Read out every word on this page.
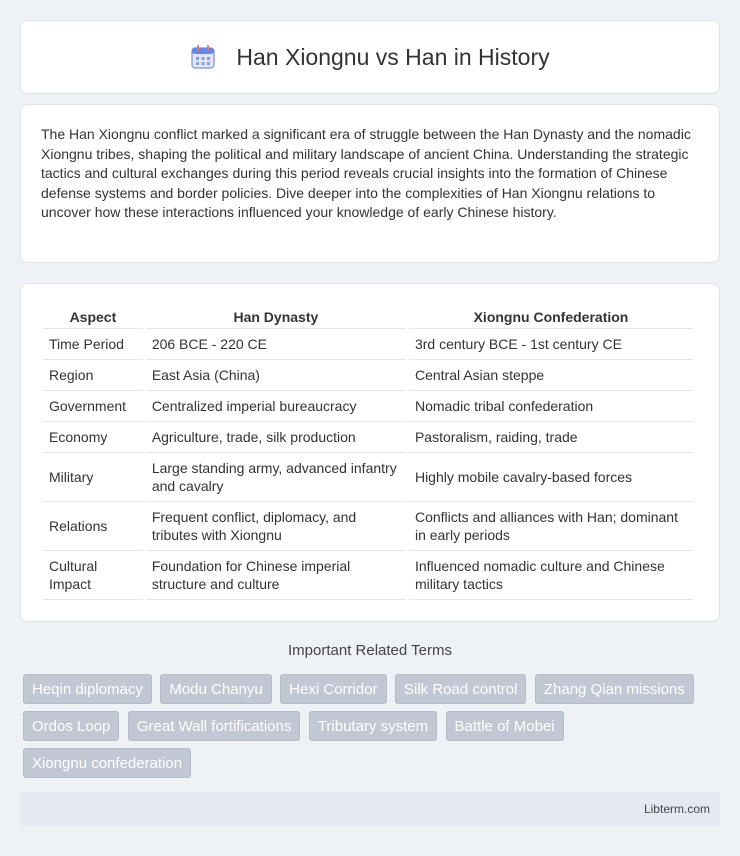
Han Xiongnu vs Han in History

The Han Xiongnu conflict marked a significant era of struggle between the Han Dynasty and the nomadic Xiongnu tribes, shaping the political and military landscape of ancient China. Understanding the strategic tactics and cultural exchanges during this period reveals crucial insights into the formation of Chinese defense systems and border policies. Dive deeper into the complexities of Han Xiongnu relations to uncover how these interactions influenced your knowledge of early Chinese history.

Aspect	Han Dynasty	Xiongnu Confederation
Time Period	206 BCE - 220 CE	3rd century BCE - 1st century CE
Region	East Asia (China)	Central Asian steppe
Government	Centralized imperial bureaucracy	Nomadic tribal confederation
Economy	Agriculture, trade, silk production	Pastoralism, raiding, trade
Military	Large standing army, advanced infantry and cavalry	Highly mobile cavalry-based forces
Relations	Frequent conflict, diplomacy, and tributes with Xiongnu	Conflicts and alliances with Han; dominant in early periods
Cultural Impact	Foundation for Chinese imperial structure and culture	Influenced nomadic culture and Chinese military tactics
Important Related Terms
Heqin diplomacy Modu Chanyu Hexi Corridor Silk Road control Zhang Qian missions
Ordos Loop Great Wall fortifications Tributary system Battle of Mobei
Xiongnu confederation
Libterm.com
